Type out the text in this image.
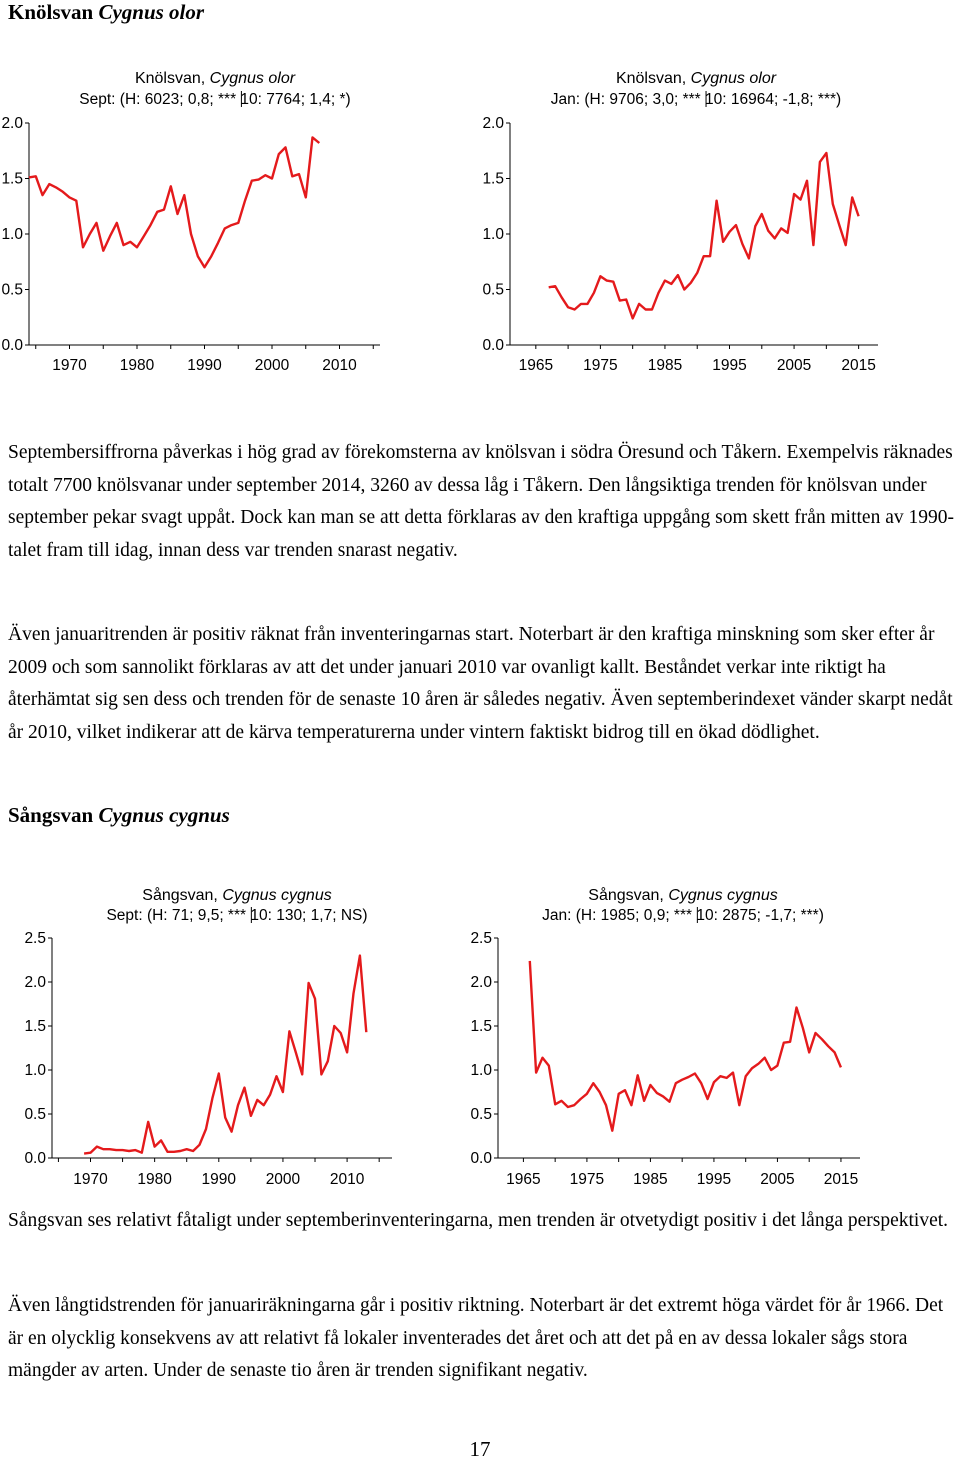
Knölsvan Cygnus olor
Knölsvan, Cygnus olor
Sept: (H: 6023; 0,8; *** 10: 7764; 1,4; *)
0.0
0.5
1.0
1.5
2.0
1970 1980 1990 2000 2010
Knölsvan, Cygnus olor
Jan: (H: 9706; 3,0; *** 10: 16964; -1,8; ***)
0.0
0.5
1.0
1.5
2.0
1965 1975 1985 1995 2005 2015

Septembersiffrorna påverkas i hög grad av förekomsterna av knölsvan i södra Öresund och Tåkern. Exempelvis räknades totalt 7700 knölsvanar under september 2014, 3260 av dessa låg i Tåkern. Den långsiktiga trenden för knölsvan under september pekar svagt uppåt. Dock kan man se att detta förklaras av den kraftiga uppgång som skett från mitten av 1990-talet fram till idag, innan dess var trenden snarast negativ.

Även januaritrenden är positiv räknat från inventeringarnas start. Noterbart är den kraftiga minskning som sker efter år 2009 och som sannolikt förklaras av att det under januari 2010 var ovanligt kallt. Beståndet verkar inte riktigt ha återhämtat sig sen dess och trenden för de senaste 10 åren är således negativ. Även septemberindexet vänder skarpt nedåt år 2010, vilket indikerar att de kärva temperaturerna under vintern faktiskt bidrog till en ökad dödlighet.

Sångsvan Cygnus cygnus
Sångsvan, Cygnus cygnus
Sept: (H: 71; 9,5; *** 10: 130; 1,7; NS)
0.0
0.5
1.0
1.5
2.0
2.5
1970 1980 1990 2000 2010
Sångsvan, Cygnus cygnus
Jan: (H: 1985; 0,9; *** 10: 2875; -1,7; ***)
0.0
0.5
1.0
1.5
2.0
2.5
1965 1975 1985 1995 2005 2015

Sångsvan ses relativt fåtaligt under septemberinventeringarna, men trenden är otvetydigt positiv i det långa perspektivet.

Även långtidstrenden för januariräkningarna går i positiv riktning. Noterbart är det extremt höga värdet för år 1966. Det är en olycklig konsekvens av att relativt få lokaler inventerades det året och att det på en av dessa lokaler sågs stora mängder av arten. Under de senaste tio åren är trenden signifikant negativ.

17
